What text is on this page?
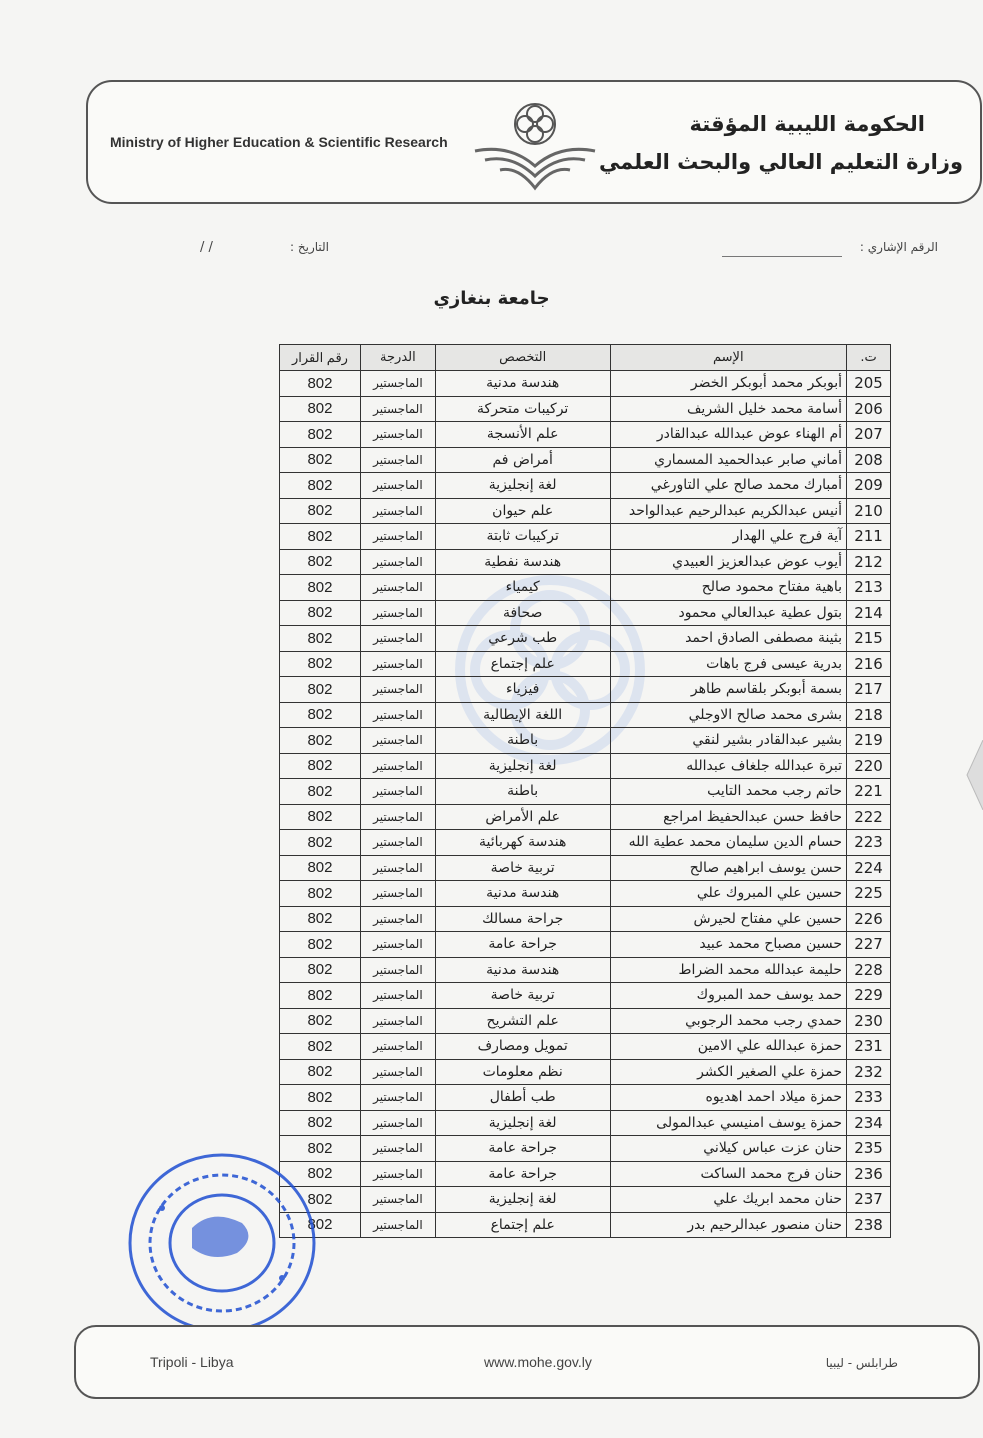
الحكومة الليبية المؤقتة
وزارة التعليم العالي والبحث العلمي
Ministry of Higher Education & Scientific Research
الرقم الإشاري :
التاريخ :
/ /
جامعة بنغازي
ت.	الإسم	التخصص	الدرجة	رقم القرار
205	أبوبكر محمد أبوبكر الخضر	هندسة مدنية	الماجستير	802
206	أسامة محمد خليل الشريف	تركيبات متحركة	الماجستير	802
207	أم الهناء عوض عبدالله عبدالقادر	علم الأنسجة	الماجستير	802
208	أماني صابر عبدالحميد المسماري	أمراض فم	الماجستير	802
209	أمبارك محمد صالح علي التاورغي	لغة إنجليزية	الماجستير	802
210	أنيس عبدالكريم عبدالرحيم عبدالواحد	علم حيوان	الماجستير	802
211	آية فرج علي الهدار	تركيبات ثابتة	الماجستير	802
212	أيوب عوض عبدالعزيز العبيدي	هندسة نفطية	الماجستير	802
213	باهية مفتاح محمود صالح	كيمياء	الماجستير	802
214	بتول عطية عبدالعالي محمود	صحافة	الماجستير	802
215	بثينة مصطفى الصادق احمد	طب شرعي	الماجستير	802
216	بدرية عيسى فرج باهات	علم إجتماع	الماجستير	802
217	بسمة أبوبكر بلقاسم طاهر	فيزياء	الماجستير	802
218	بشرى محمد صالح الاوجلي	اللغة الإيطالية	الماجستير	802
219	بشير عبدالقادر بشير لنقي	باطنة	الماجستير	802
220	تبرة عبدالله جلغاف عبدالله	لغة إنجليزية	الماجستير	802
221	حاتم رجب محمد التايب	باطنة	الماجستير	802
222	حافظ حسن عبدالحفيظ امراجع	علم الأمراض	الماجستير	802
223	حسام الدين سليمان محمد عطية الله	هندسة كهربائية	الماجستير	802
224	حسن يوسف ابراهيم صالح	تربية خاصة	الماجستير	802
225	حسين علي المبروك علي	هندسة مدنية	الماجستير	802
226	حسين علي مفتاح لحيرش	جراحة مسالك	الماجستير	802
227	حسين مصباح محمد عبيد	جراحة عامة	الماجستير	802
228	حليمة عبدالله محمد الضراط	هندسة مدنية	الماجستير	802
229	حمد يوسف حمد المبروك	تربية خاصة	الماجستير	802
230	حمدي رجب محمد الرجوبي	علم التشريح	الماجستير	802
231	حمزة عبدالله علي الامين	تمويل ومصارف	الماجستير	802
232	حمزة علي الصغير الكشر	نظم معلومات	الماجستير	802
233	حمزة ميلاد احمد اهديوه	طب أطفال	الماجستير	802
234	حمزة يوسف امنيسي عبدالمولى	لغة إنجليزية	الماجستير	802
235	حنان عزت عباس كيلاني	جراحة عامة	الماجستير	802
236	حنان فرج محمد الساكت	جراحة عامة	الماجستير	802
237	حنان محمد ابريك علي	لغة إنجليزية	الماجستير	802
238	حنان منصور عبدالرحيم بدر	علم إجتماع	الماجستير	802
Tripoli - Libya	www.mohe.gov.ly	طرابلس - ليبيا
